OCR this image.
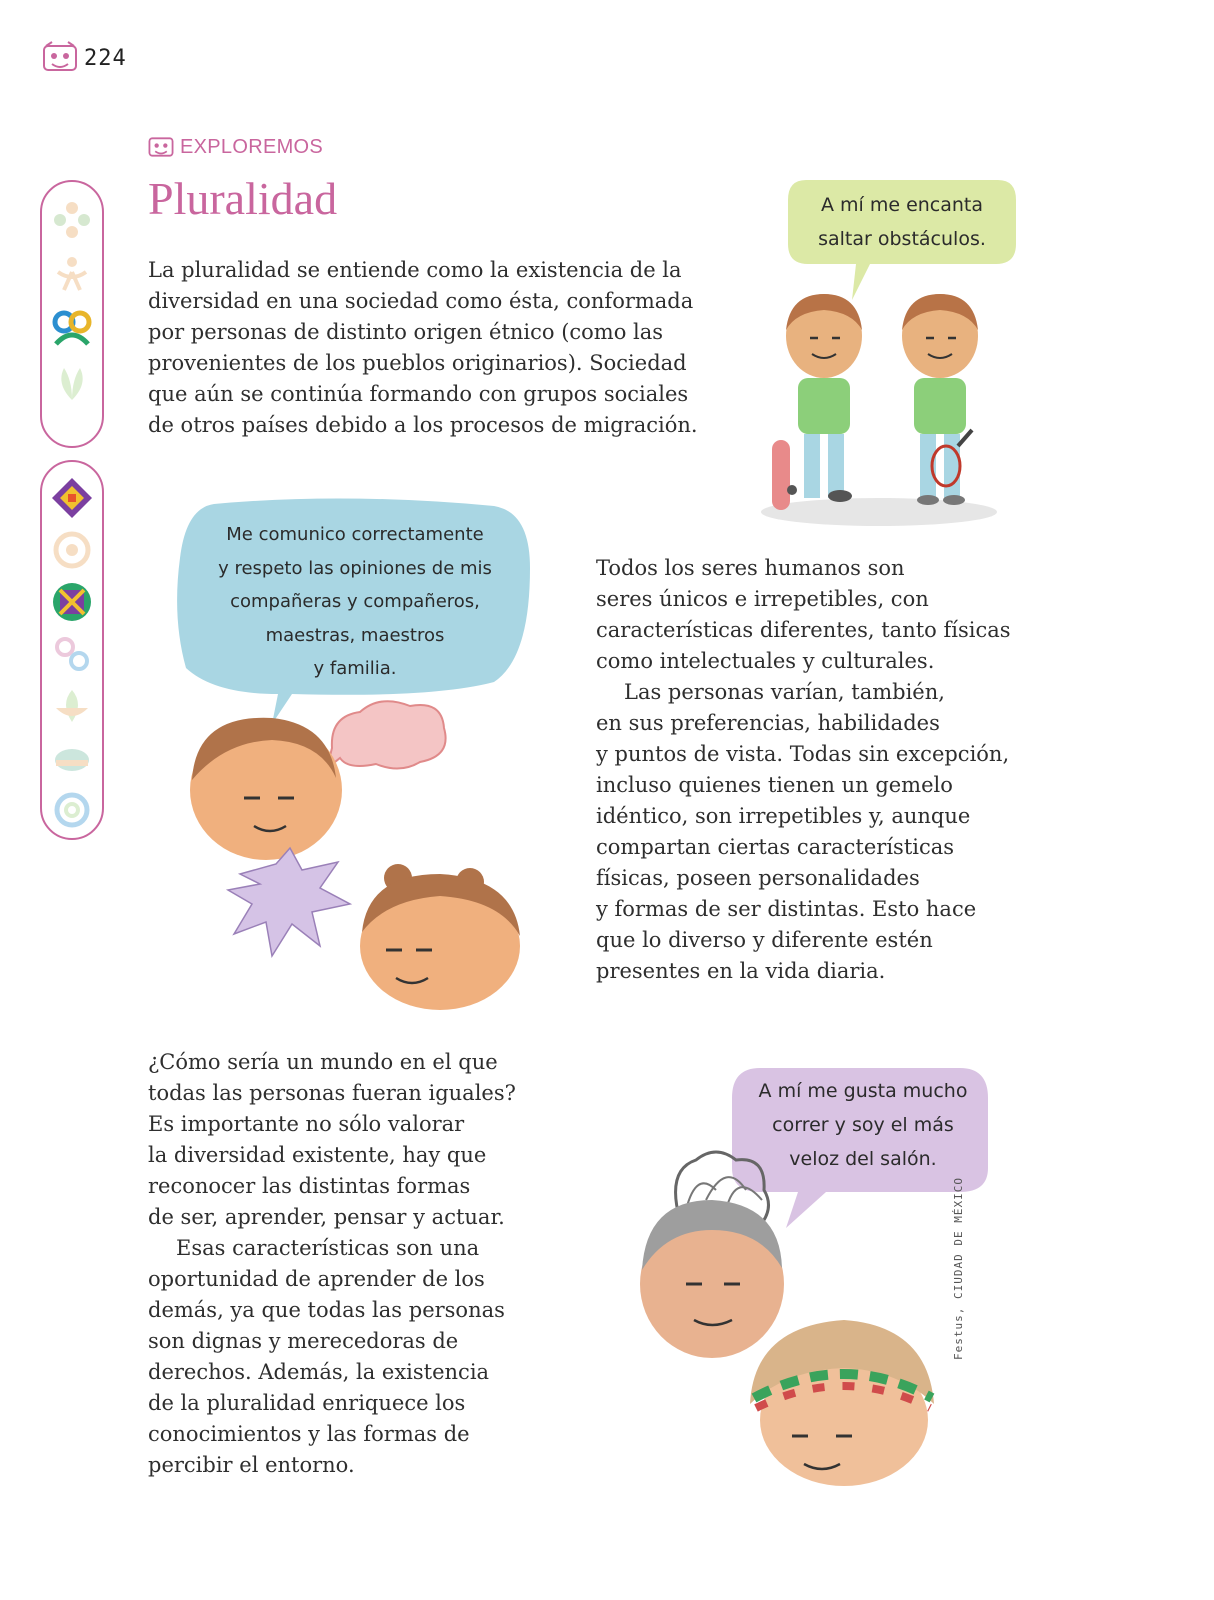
224
EXPLOREMOS
Pluralidad

La pluralidad se entiende como la existencia de la

diversidad en una sociedad como ésta, conformada

por personas de distinto origen étnico (como las

provenientes de los pueblos originarios). Sociedad

que aún se continúa formando con grupos sociales

de otros países debido a los procesos de migración.

A mí me encanta
saltar obstáculos.
Me comunico correctamente
y respeto las opiniones de mis
compañeras y compañeros,
maestras, maestros
y familia.

Todos los seres humanos son

seres únicos e irrepetibles, con

características diferentes, tanto físicas

como intelectuales y culturales.

Las personas varían, también,

en sus preferencias, habilidades

y puntos de vista. Todas sin excepción,

incluso quienes tienen un gemelo

idéntico, son irrepetibles y, aunque

compartan ciertas características

físicas, poseen personalidades

y formas de ser distintas. Esto hace

que lo diverso y diferente estén

presentes en la vida diaria.

¿Cómo sería un mundo en el que

todas las personas fueran iguales?

Es importante no sólo valorar

la diversidad existente, hay que

reconocer las distintas formas

de ser, aprender, pensar y actuar.

Esas características son una

oportunidad de aprender de los

demás, ya que todas las personas

son dignas y merecedoras de

derechos. Además, la existencia

de la pluralidad enriquece los

conocimientos y las formas de

percibir el entorno.

A mí me gusta mucho
correr y soy el más
veloz del salón.
Festus, CIUDAD DE MÉXICO
